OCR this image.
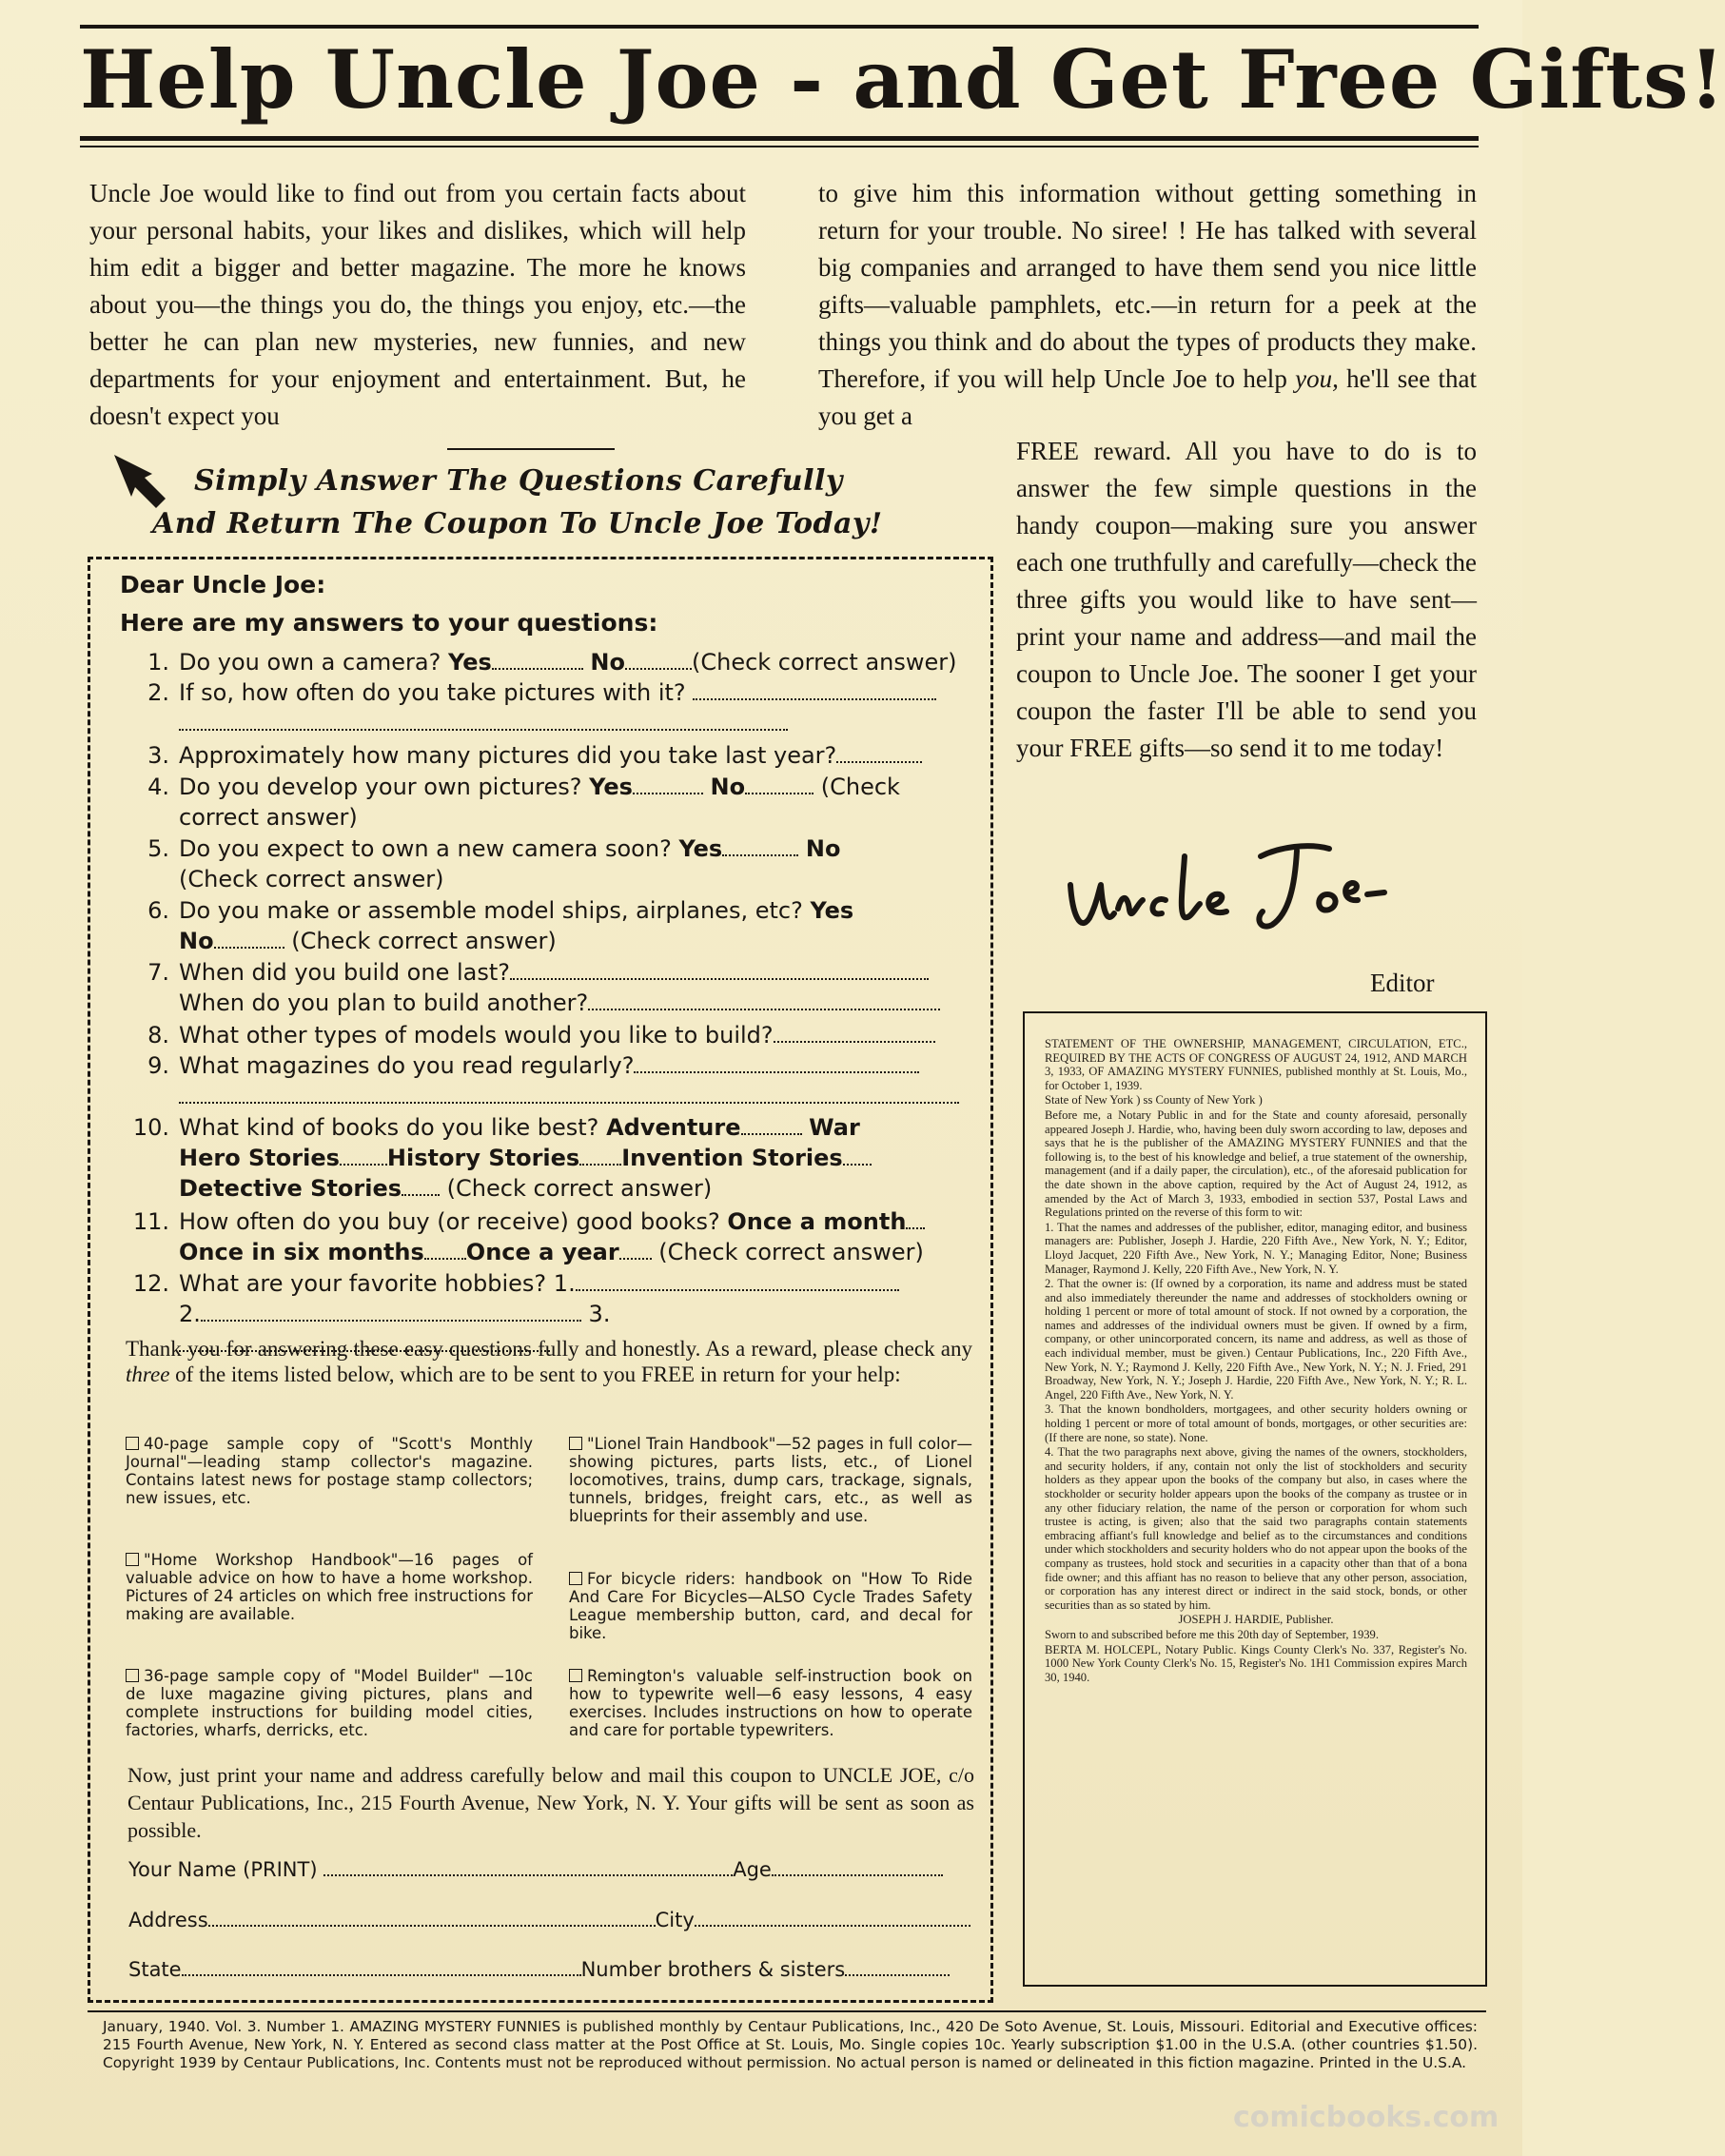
Help Uncle Joe - and Get Free Gifts!

Uncle Joe would like to find out from you certain facts about your personal habits, your likes and dislikes, which will help him edit a bigger and better magazine. The more he knows about you—the things you do, the things you enjoy, etc.—the better he can plan new mysteries, new funnies, and new departments for your enjoyment and entertainment. But, he doesn't expect you

to give him this information without getting something in return for your trouble. No siree! ! He has talked with several big companies and arranged to have them send you nice little gifts—valuable pamphlets, etc.—in return for a peek at the things you think and do about the types of products they make. Therefore, if you will help Uncle Joe to help you, he'll see that you get a

FREE reward. All you have to do is to answer the few simple questions in the handy coupon—making sure you answer each one truthfully and carefully—check the three gifts you would like to have sent—print your name and address—and mail the coupon to Uncle Joe. The sooner I get your coupon the faster I'll be able to send you your FREE gifts—so send it to me today!

Simply Answer The Questions Carefully
And Return The Coupon To Uncle Joe Today!
Dear Uncle Joe:
Here are my answers to your questions:
1. Do you own a camera? Yes	No	(Check correct answer)
2. If so, how often do you take pictures with it?

3. Approximately how many pictures did you take last year?
4. Do you develop your own pictures? Yes	No	(Check
correct answer)
5. Do you expect to own a new camera soon? Yes	No
(Check correct answer)
6. Do you make or assemble model ships, airplanes, etc? Yes
No	(Check correct answer)
7. When did you build one last?
When do you plan to build another?
8. What other types of models would you like to build?
9. What magazines do you read regularly?

10. What kind of books do you like best? Adventure	War
Hero Stories History Stories Invention Stories
Detective Stories (Check correct answer)
11. How often do you buy (or receive) good books? Once a month
Once in six months Once a year (Check correct answer)
12. What are your favorite hobbies? 1.
2.	3.

Thank you for answering these easy questions fully and honestly. As a reward, please check any three of the items listed below, which are to be sent to you FREE in return for your help:

40-page sample copy of "Scott's Monthly Journal"—leading stamp collector's magazine. Contains latest news for postage stamp collectors; new issues, etc.

"Lionel Train Handbook"—52 pages in full color—showing pictures, parts lists, etc., of Lionel locomotives, trains, dump cars, trackage, signals, tunnels, bridges, freight cars, etc., as well as blueprints for their assembly and use.

"Home Workshop Handbook"—16 pages of valuable advice on how to have a home workshop. Pictures of 24 articles on which free instructions for making are available.

For bicycle riders: handbook on "How To Ride And Care For Bicycles—ALSO Cycle Trades Safety League membership button, card, and decal for bike.

36-page sample copy of "Model Builder" —10c de luxe magazine giving pictures, plans and complete instructions for building model cities, factories, wharfs, derricks, etc.

Remington's valuable self-instruction book on how to typewrite well—6 easy lessons, 4 easy exercises. Includes instructions on how to operate and care for portable typewriters.

Now, just print your name and address carefully below and mail this coupon to UNCLE JOE, c/o Centaur Publications, Inc., 215 Fourth Avenue, New York, N. Y. Your gifts will be sent as soon as possible.

Your Name (PRINT)	Age
Address	City
State	Number brothers & sisters
Uncle Joe
Editor

STATEMENT OF THE OWNERSHIP, MANAGEMENT, CIRCULATION, ETC., REQUIRED BY THE ACTS OF CONGRESS OF AUGUST 24, 1912, AND MARCH 3, 1933, OF AMAZING MYSTERY FUNNIES, published monthly at St. Louis, Mo., for October 1, 1939.

State of New York ) ss County of New York )

Before me, a Notary Public in and for the State and county aforesaid, personally appeared Joseph J. Hardie, who, having been duly sworn according to law, deposes and says that he is the publisher of the AMAZING MYSTERY FUNNIES and that the following is, to the best of his knowledge and belief, a true statement of the ownership, management (and if a daily paper, the circulation), etc., of the aforesaid publication for the date shown in the above caption, required by the Act of August 24, 1912, as amended by the Act of March 3, 1933, embodied in section 537, Postal Laws and Regulations printed on the reverse of this form to wit:

1. That the names and addresses of the publisher, editor, managing editor, and business managers are: Publisher, Joseph J. Hardie, 220 Fifth Ave., New York, N. Y.; Editor, Lloyd Jacquet, 220 Fifth Ave., New York, N. Y.; Managing Editor, None; Business Manager, Raymond J. Kelly, 220 Fifth Ave., New York, N. Y.

2. That the owner is: (If owned by a corporation, its name and address must be stated and also immediately thereunder the name and addresses of stockholders owning or holding 1 percent or more of total amount of stock. If not owned by a corporation, the names and addresses of the individual owners must be given. If owned by a firm, company, or other unincorporated concern, its name and address, as well as those of each individual member, must be given.) Centaur Publications, Inc., 220 Fifth Ave., New York, N. Y.; Raymond J. Kelly, 220 Fifth Ave., New York, N. Y.; N. J. Fried, 291 Broadway, New York, N. Y.; Joseph J. Hardie, 220 Fifth Ave., New York, N. Y.; R. L. Angel, 220 Fifth Ave., New York, N. Y.

3. That the known bondholders, mortgagees, and other security holders owning or holding 1 percent or more of total amount of bonds, mortgages, or other securities are: (If there are none, so state). None.

4. That the two paragraphs next above, giving the names of the owners, stockholders, and security holders, if any, contain not only the list of stockholders and security holders as they appear upon the books of the company but also, in cases where the stockholder or security holder appears upon the books of the company as trustee or in any other fiduciary relation, the name of the person or corporation for whom such trustee is acting, is given; also that the said two paragraphs contain statements embracing affiant's full knowledge and belief as to the circumstances and conditions under which stockholders and security holders who do not appear upon the books of the company as trustees, hold stock and securities in a capacity other than that of a bona fide owner; and this affiant has no reason to believe that any other person, association, or corporation has any interest direct or indirect in the said stock, bonds, or other securities than as so stated by him.

JOSEPH J. HARDIE, Publisher.

Sworn to and subscribed before me this 20th day of September, 1939.

BERTA M. HOLCEPL, Notary Public. Kings County Clerk's No. 337, Register's No. 1000 New York County Clerk's No. 15, Register's No. 1H1 Commission expires March 30, 1940.

January, 1940. Vol. 3. Number 1. AMAZING MYSTERY FUNNIES is published monthly by Centaur Publications, Inc., 420 De Soto Avenue, St. Louis, Missouri. Editorial and Executive offices: 215 Fourth Avenue, New York, N. Y. Entered as second class matter at the Post Office at St. Louis, Mo. Single copies 10c. Yearly subscription $1.00 in the U.S.A. (other countries $1.50). Copyright 1939 by Centaur Publications, Inc. Contents must not be reproduced without permission. No actual person is named or delineated in this fiction magazine. Printed in the U.S.A.

comicbooks.com
